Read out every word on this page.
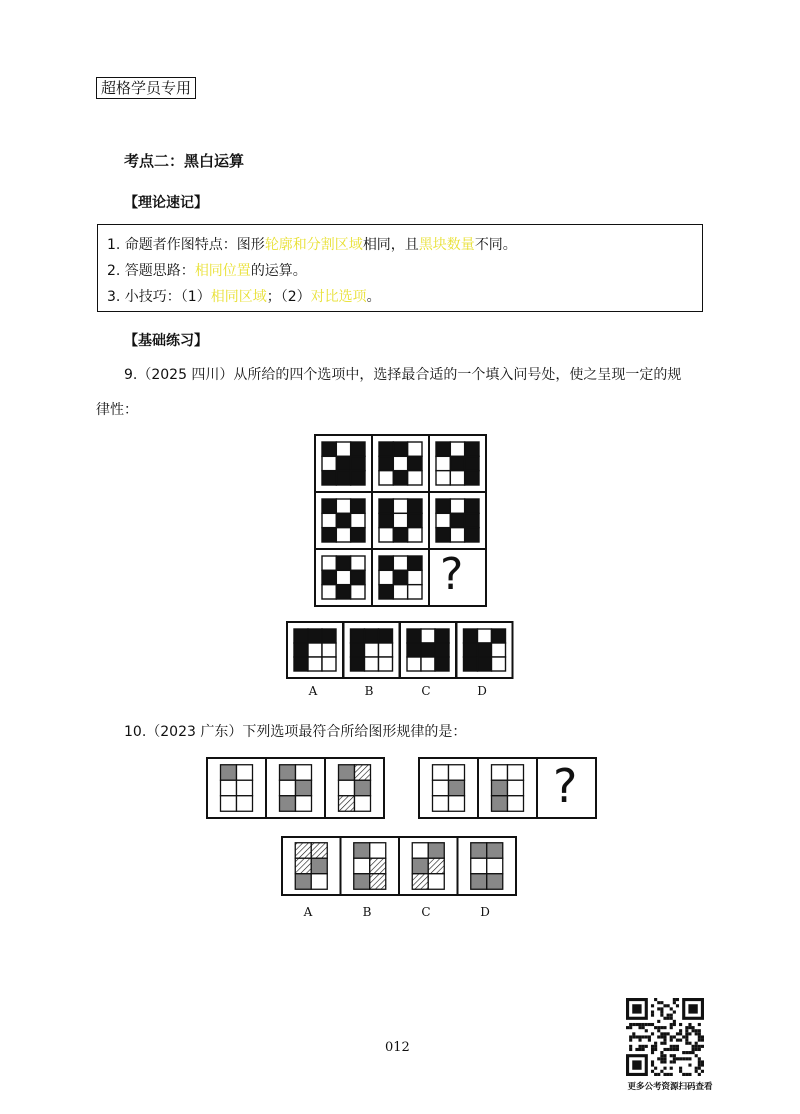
超格学员专用
考点二：黑白运算
【理论速记】
1. 命题者作图特点：图形轮廓和分割区域相同，且黑块数量不同。
2. 答题思路：相同位置的运算。
3. 小技巧：（1）相同区域；（2）对比选项。
【基础练习】
9.（2025 四川）从所给的四个选项中，选择最合适的一个填入问号处，使之呈现一定的规
律性：
A	B	C	D
10.（2023 广东）下列选项最符合所给图形规律的是：
A	B	C	D
012
更多公考资源扫码查看
?
?
